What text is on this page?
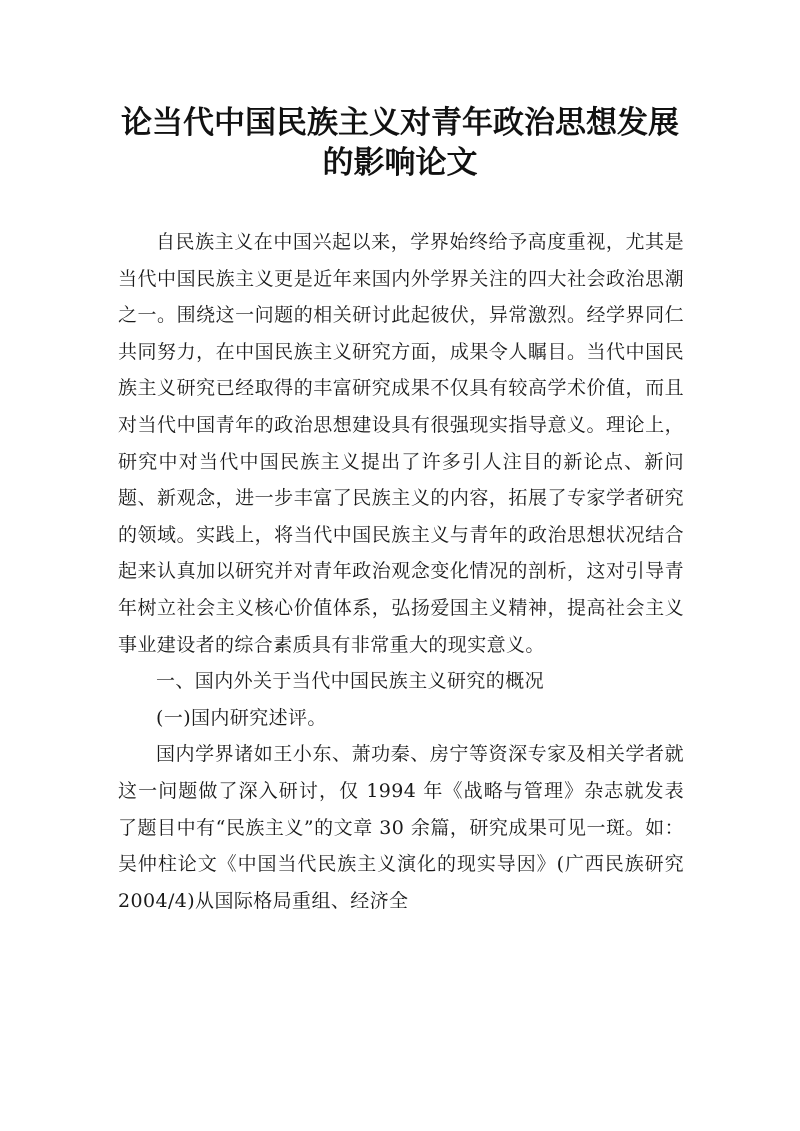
论当代中国民族主义对青年政治思想发展
的影响论文

自民族主义在中国兴起以来，学界始终给予高度重视，尤其是当代中国民族主义更是近年来国内外学界关注的四大社会政治思潮之一。围绕这一问题的相关研讨此起彼伏，异常激烈。经学界同仁共同努力，在中国民族主义研究方面，成果令人瞩目。当代中国民族主义研究已经取得的丰富研究成果不仅具有较高学术价值，而且对当代中国青年的政治思想建设具有很强现实指导意义。理论上，研究中对当代中国民族主义提出了许多引人注目的新论点、新问题、新观念，进一步丰富了民族主义的内容，拓展了专家学者研究的领域。实践上，将当代中国民族主义与青年的政治思想状况结合起来认真加以研究并对青年政治观念变化情况的剖析，这对引导青年树立社会主义核心价值体系，弘扬爱国主义精神，提高社会主义事业建设者的综合素质具有非常重大的现实意义。

一、国内外关于当代中国民族主义研究的概况

(一)国内研究述评。

国内学界诸如王小东、萧功秦、房宁等资深专家及相关学者就这一问题做了深入研讨，仅 1994 年《战略与管理》杂志就发表了题目中有“民族主义”的文章 30 余篇，研究成果可见一斑。如：吴仲柱论文《中国当代民族主义演化的现实导因》(广西民族研究 2004/4)从国际格局重组、经济全
